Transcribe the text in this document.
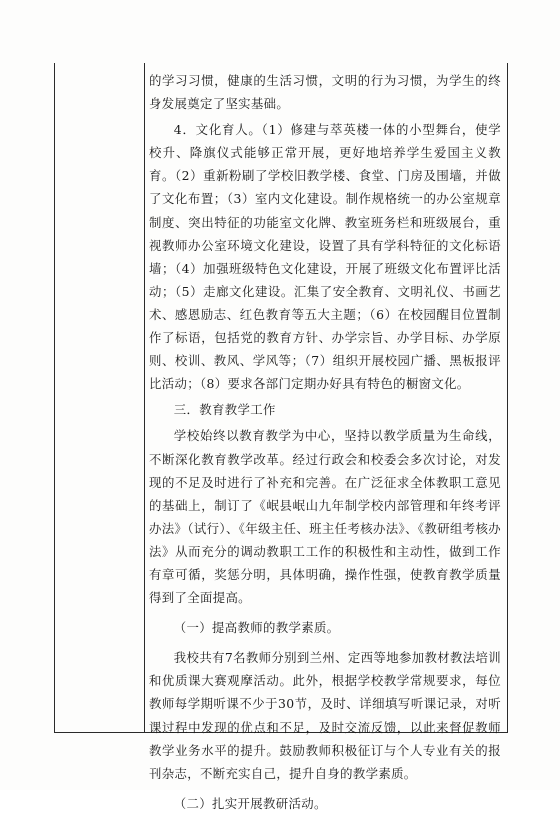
的学习习惯，健康的生活习惯，文明的行为习惯，为学生的终身发展奠定了坚实基础。

4．文化育人。（1）修建与萃英楼一体的小型舞台，使学校升、降旗仪式能够正常开展，更好地培养学生爱国主义教育。（2）重新粉刷了学校旧教学楼、食堂、门房及围墙，并做了文化布置；（3）室内文化建设。制作规格统一的办公室规章制度、突出特征的功能室文化牌、教室班务栏和班级展台，重视教师办公室环境文化建设，设置了具有学科特征的文化标语墙；（4）加强班级特色文化建设，开展了班级文化布置评比活动；（5）走廊文化建设。汇集了安全教育、文明礼仪、书画艺术、感恩励志、红色教育等五大主题；（6）在校园醒目位置制作了标语，包括党的教育方针、办学宗旨、办学目标、办学原则、校训、教风、学风等；（7）组织开展校园广播、黑板报评比活动；（8）要求各部门定期办好具有特色的橱窗文化。

三．教育教学工作

学校始终以教育教学为中心，坚持以教学质量为生命线，不断深化教育教学改革。经过行政会和校委会多次讨论，对发现的不足及时进行了补充和完善。在广泛征求全体教职工意见的基础上，制订了《岷县岷山九年制学校内部管理和年终考评办法》（试行）、《年级主任、班主任考核办法》、《教研组考核办法》从而充分的调动教职工工作的积极性和主动性，做到工作有章可循，奖惩分明，具体明确，操作性强，使教育教学质量得到了全面提高。

（一）提高教师的教学素质。

我校共有7名教师分别到兰州、定西等地参加教材教法培训和优质课大赛观摩活动。此外，根据学校教学常规要求，每位教师每学期听课不少于30节，及时、详细填写听课记录，对听课过程中发现的优点和不足，及时交流反馈，以此来督促教师教学业务水平的提升。鼓励教师积极征订与个人专业有关的报刊杂志，不断充实自己，提升自身的教学素质。

（二）扎实开展教研活动。
